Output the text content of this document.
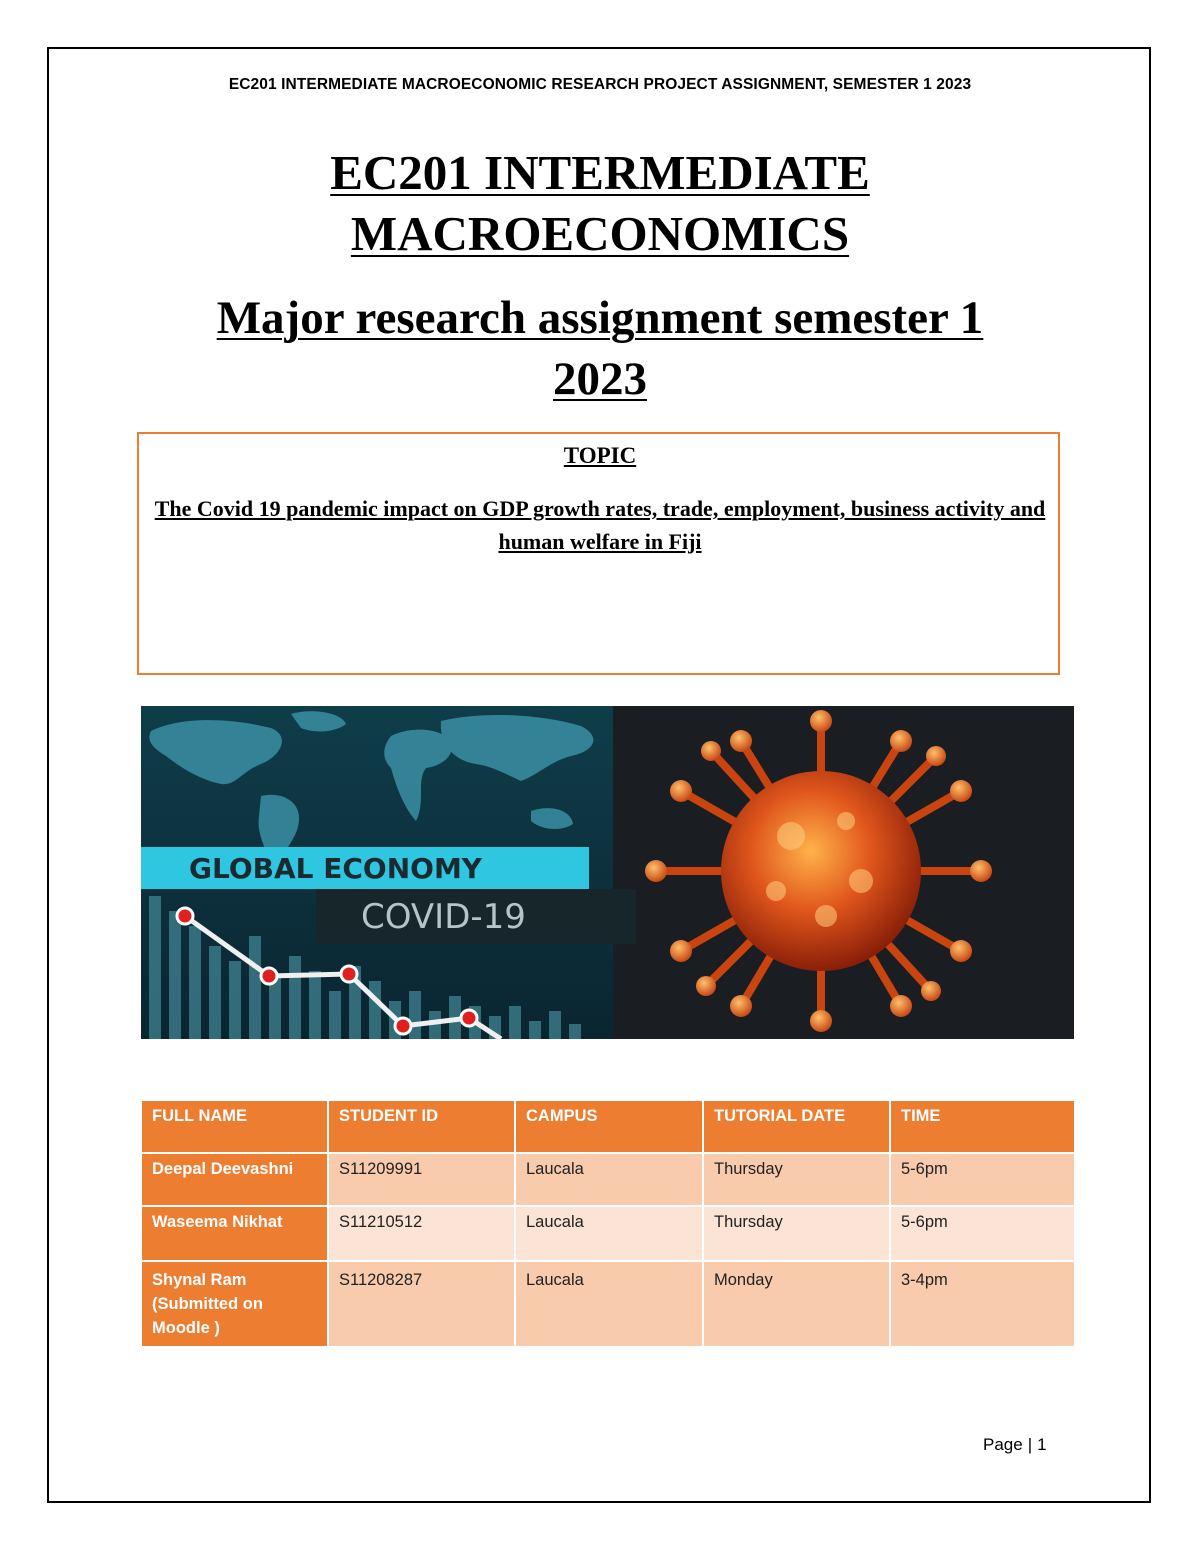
EC201 INTERMEDIATE MACROECONOMIC RESEARCH PROJECT ASSIGNMENT, SEMESTER 1 2023
EC201 INTERMEDIATE
MACROECONOMICS
Major research assignment semester 1
2023
TOPIC
The Covid 19 pandemic impact on GDP growth rates, trade, employment, business activity and human welfare in Fiji
GLOBAL ECONOMY
COVID-19
FULL NAME	STUDENT ID	CAMPUS	TUTORIAL DATE	TIME
Deepal Deevashni	S11209991	Laucala	Thursday	5-6pm
Waseema Nikhat	S11210512	Laucala	Thursday	5-6pm
Shynal Ram (Submitted on Moodle )	S11208287	Laucala	Monday	3-4pm
Page | 1
